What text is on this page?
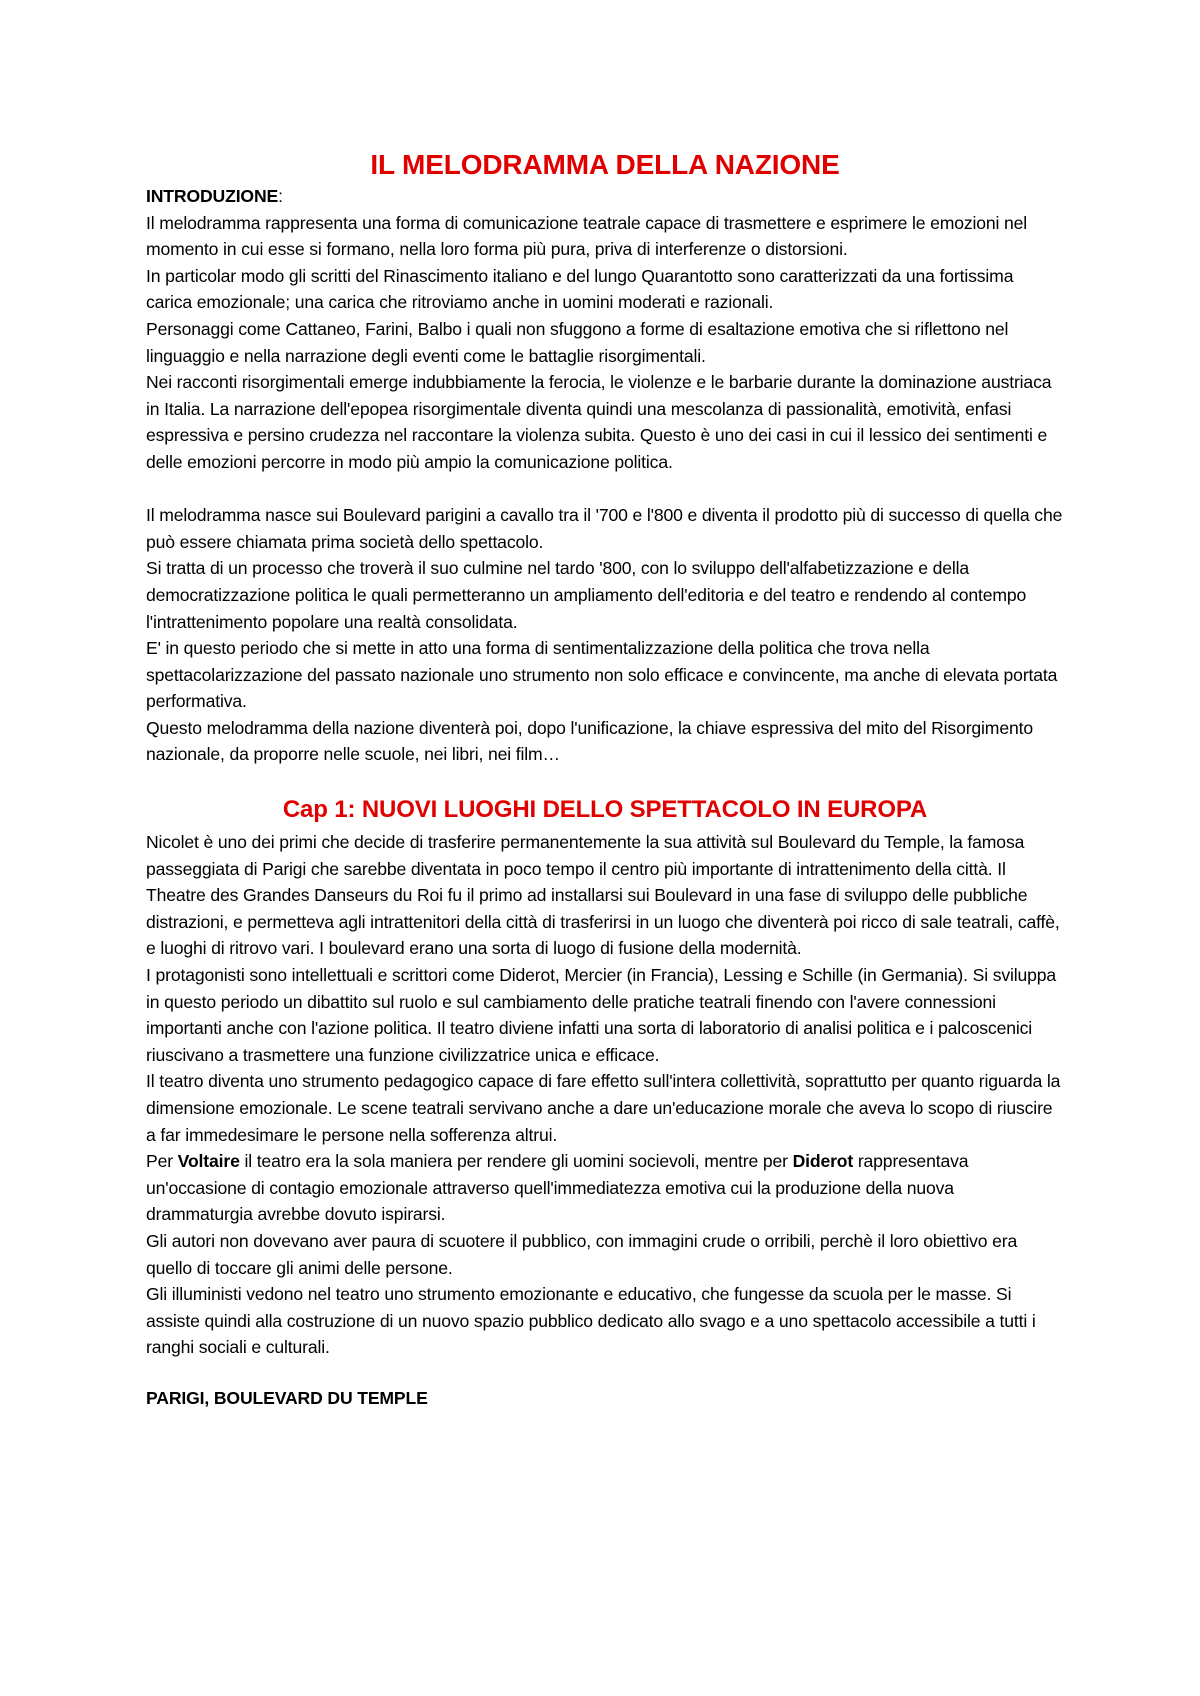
IL MELODRAMMA DELLA NAZIONE
INTRODUZIONE:

Il melodramma rappresenta una forma di comunicazione teatrale capace di trasmettere e esprimere le emozioni nel momento in cui esse si formano, nella loro forma più pura, priva di interferenze o distorsioni.

In particolar modo gli scritti del Rinascimento italiano e del lungo Quarantotto sono caratterizzati da una fortissima carica emozionale; una carica che ritroviamo anche in uomini moderati e razionali.

Personaggi come Cattaneo, Farini, Balbo i quali non sfuggono a forme di esaltazione emotiva che si riflettono nel linguaggio e nella narrazione degli eventi come le battaglie risorgimentali.

Nei racconti risorgimentali emerge indubbiamente la ferocia, le violenze e le barbarie durante la dominazione austriaca in Italia. La narrazione dell'epopea risorgimentale diventa quindi una mescolanza di passionalità, emotività, enfasi espressiva e persino crudezza nel raccontare la violenza subita. Questo è uno dei casi in cui il lessico dei sentimenti e delle emozioni percorre in modo più ampio la comunicazione politica.

Il melodramma nasce sui Boulevard parigini a cavallo tra il '700 e l'800 e diventa il prodotto più di successo di quella che può essere chiamata prima società dello spettacolo.

Si tratta di un processo che troverà il suo culmine nel tardo '800, con lo sviluppo dell'alfabetizzazione e della democratizzazione politica le quali permetteranno un ampliamento dell'editoria e del teatro e rendendo al contempo l'intrattenimento popolare una realtà consolidata.

E' in questo periodo che si mette in atto una forma di sentimentalizzazione della politica che trova nella spettacolarizzazione del passato nazionale uno strumento non solo efficace e convincente, ma anche di elevata portata performativa.

Questo melodramma della nazione diventerà poi, dopo l'unificazione, la chiave espressiva del mito del Risorgimento nazionale, da proporre nelle scuole, nei libri, nei film…

Cap 1: NUOVI LUOGHI DELLO SPETTACOLO IN EUROPA

Nicolet è uno dei primi che decide di trasferire permanentemente la sua attività sul Boulevard du Temple, la famosa passeggiata di Parigi che sarebbe diventata in poco tempo il centro più importante di intrattenimento della città. Il Theatre des Grandes Danseurs du Roi fu il primo ad installarsi sui Boulevard in una fase di sviluppo delle pubbliche distrazioni, e permetteva agli intrattenitori della città di trasferirsi in un luogo che diventerà poi ricco di sale teatrali, caffè, e luoghi di ritrovo vari. I boulevard erano una sorta di luogo di fusione della modernità.

I protagonisti sono intellettuali e scrittori come Diderot, Mercier (in Francia), Lessing e Schille (in Germania). Si sviluppa in questo periodo un dibattito sul ruolo e sul cambiamento delle pratiche teatrali finendo con l'avere connessioni importanti anche con l'azione politica. Il teatro diviene infatti una sorta di laboratorio di analisi politica e i palcoscenici riuscivano a trasmettere una funzione civilizzatrice unica e efficace.

Il teatro diventa uno strumento pedagogico capace di fare effetto sull'intera collettività, soprattutto per quanto riguarda la dimensione emozionale. Le scene teatrali servivano anche a dare un'educazione morale che aveva lo scopo di riuscire a far immedesimare le persone nella sofferenza altrui.

Per Voltaire il teatro era la sola maniera per rendere gli uomini socievoli, mentre per Diderot rappresentava un'occasione di contagio emozionale attraverso quell'immediatezza emotiva cui la produzione della nuova drammaturgia avrebbe dovuto ispirarsi.

Gli autori non dovevano aver paura di scuotere il pubblico, con immagini crude o orribili, perchè il loro obiettivo era quello di toccare gli animi delle persone.

Gli illuministi vedono nel teatro uno strumento emozionante e educativo, che fungesse da scuola per le masse. Si assiste quindi alla costruzione di un nuovo spazio pubblico dedicato allo svago e a uno spettacolo accessibile a tutti i ranghi sociali e culturali.

PARIGI, BOULEVARD DU TEMPLE
